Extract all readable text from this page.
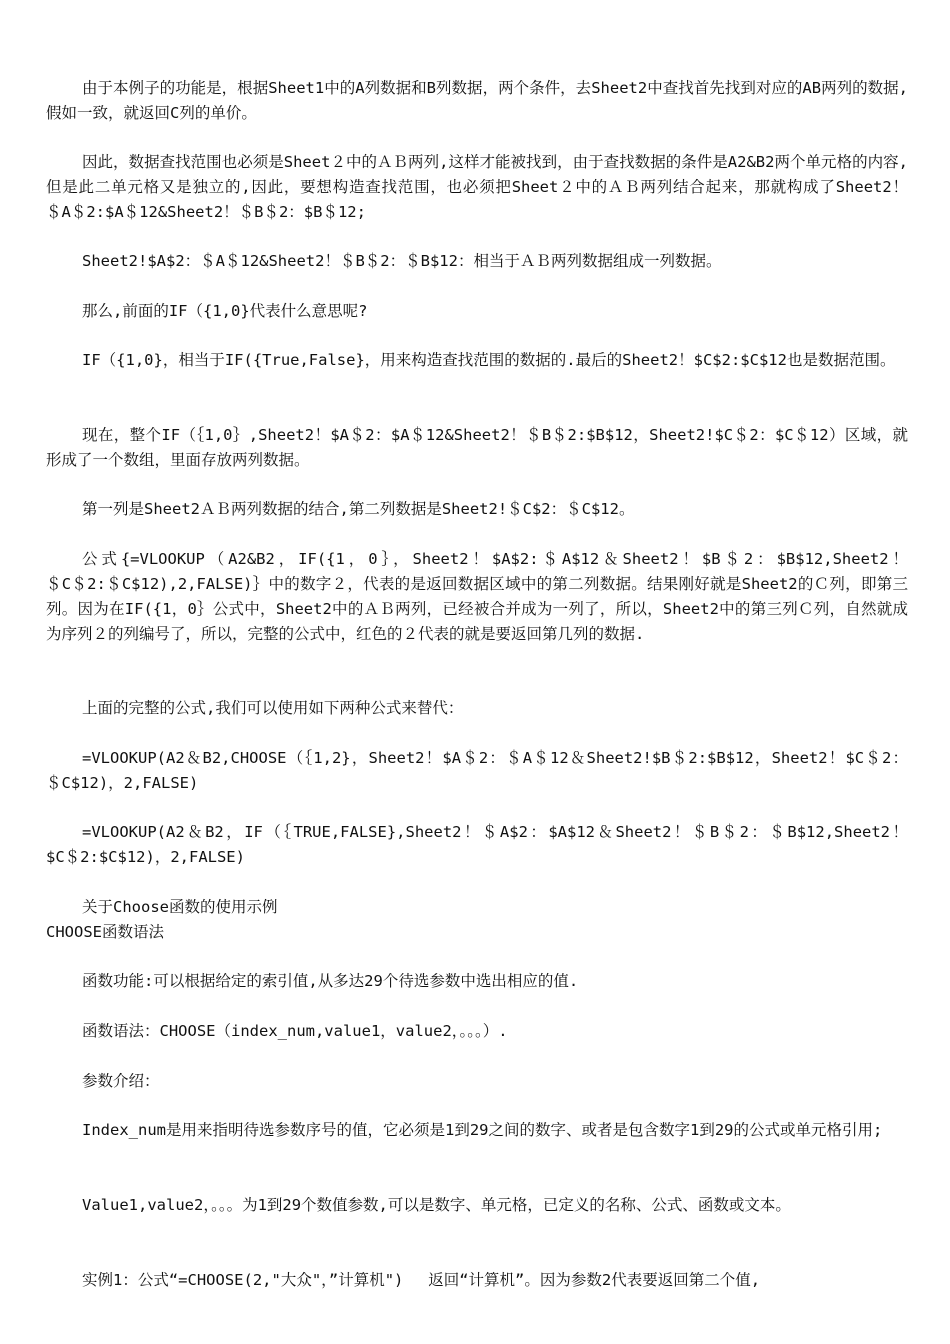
由于本例子的功能是，根据Sheet1中的A列数据和B列数据，两个条件，去Sheet2中查找首先找到对应的AB两列的数据,假如一致，就返回C列的单价。

因此，数据查找范围也必须是Sheet２中的ＡＢ两列,这样才能被找到，由于查找数据的条件是A2&B2两个单元格的内容,但是此二单元格又是独立的,因此，要想构造查找范围，也必须把Sheet２中的ＡＢ两列结合起来，那就构成了Sheet2！＄A＄2:$A＄12&Sheet2！＄B＄2：$B＄12;

Sheet2!$A$2：＄A＄12&Sheet2！＄B＄2：＄B$12：相当于ＡＢ两列数据组成一列数据。

那么,前面的IF（{1,0}代表什么意思呢?

IF（{1,0}，相当于IF({True,False}，用来构造查找范围的数据的.最后的Sheet2！$C$2:$C$12也是数据范围。

现在，整个IF（｛1,0｝,Sheet2！$A＄2：$A＄12&Sheet2！＄B＄2:$B$12，Sheet2!$C＄2：$C＄12）区域，就形成了一个数组，里面存放两列数据。

第一列是Sheet2ＡＢ两列数据的结合,第二列数据是Sheet2!＄C$2：＄C$12。

公式{=VLOOKUP（A2&B2，IF({1，0｝，Sheet2！$A$2:＄A$12＆Sheet2！$B＄2：$B$12,Sheet2！＄C＄2:＄C$12),2,FALSE)｝中的数字２，代表的是返回数据区域中的第二列数据。结果刚好就是Sheet2的Ｃ列，即第三列。因为在IF({1，0｝公式中，Sheet2中的ＡＢ两列，已经被合并成为一列了，所以，Sheet2中的第三列Ｃ列，自然就成为序列２的列编号了，所以，完整的公式中，红色的２代表的就是要返回第几列的数据.

上面的完整的公式,我们可以使用如下两种公式来替代：

=VLOOKUP(A2＆B2,CHOOSE（｛1,2}，Sheet2！$A＄2：＄A＄12＆Sheet2!$B＄2:$B$12，Sheet2！$C＄2：＄C$12)，2,FALSE)

=VLOOKUP(A2＆B2，IF（｛TRUE,FALSE},Sheet2！＄A$2：$A$12＆Sheet2！＄B＄2：＄B$12,Sheet2！$C＄2:$C$12)，2,FALSE)

关于Choose函数的使用示例

CHOOSE函数语法

函数功能:可以根据给定的索引值,从多达29个待选参数中选出相应的值.

函数语法：CHOOSE（index_num,value1，value2，。。。）.

参数介绍：

Index_num是用来指明待选参数序号的值，它必须是1到29之间的数字、或者是包含数字1到29的公式或单元格引用;

Value1,value2，。。。为1到29个数值参数,可以是数字、单元格，已定义的名称、公式、函数或文本。

实例1：公式“=CHOOSE(2,"大众"，”计算机")　 返回“计算机”。因为参数2代表要返回第二个值,
